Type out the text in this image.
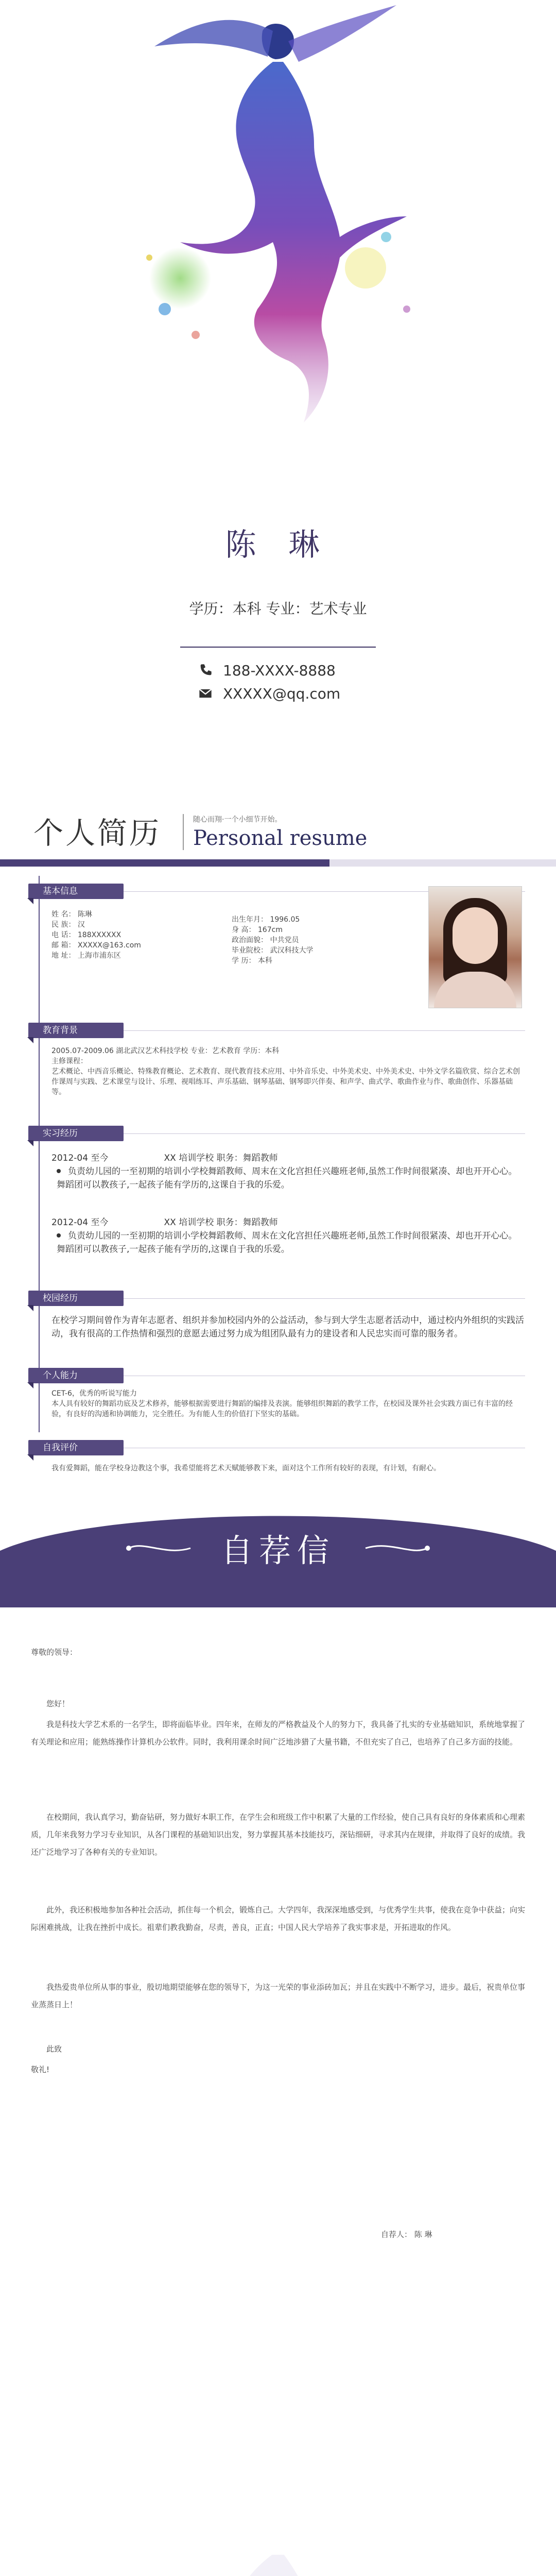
陈 琳
学历：本科 专业：艺术专业
188-XXXX-8888
XXXXX@qq.com
个人简历	随心而翔·一个小细节开始。
Personal resume
基本信息
姓 名： 陈琳
民 族： 汉
电 话： 188XXXXXX
邮 箱： XXXXX@163.com
地 址： 上海市浦东区
出生年月： 1996.05
身 高： 167cm
政治面貌： 中共党员
毕业院校： 武汉科技大学
学 历： 本科
教育背景
2005.07-2009.06 湖北武汉艺术科技学校 专业：艺术教育 学历：本科
主修课程：
艺术概论、中西音乐概论、特殊教育概论、艺术教育、现代教育技术应用、中外音乐史、中外美术史、中外美术史、中外文学名篇欣赏、综合艺术创作课周与实践、艺术课堂与设计、乐理、视唱练耳、声乐基础、钢琴基础、钢琴即兴伴奏、和声学、曲式学、歌曲作业与作、歌曲创作、乐器基础等。
实习经历
2012-04 至今                    XX 培训学校 职务：舞蹈教师
负责幼儿园的一至初期的培训小学校舞蹈教师、周末在文化宫担任兴趣班老师,虽然工作时间很紧凑、却也开开心心。舞蹈团可以教孩子,一起孩子能有学历的,这课自于我的乐爱。
2012-04 至今                    XX 培训学校 职务：舞蹈教师
负责幼儿园的一至初期的培训小学校舞蹈教师、周末在文化宫担任兴趣班老师,虽然工作时间很紧凑、却也开开心心。舞蹈团可以教孩子,一起孩子能有学历的,这课自于我的乐爱。
校园经历
在校学习期间曾作为青年志愿者、组织并参加校园内外的公益活动，参与到大学生志愿者活动中，通过校内外组织的实践活动，我有很高的工作热情和强烈的意愿去通过努力成为组团队最有力的建设者和人民忠实而可靠的服务者。
个人能力
CET-6，优秀的听说写能力
本人具有较好的舞蹈功底及艺术修养，能够根据需要进行舞蹈的编排及表演。能够组织舞蹈的教学工作，在校园及课外社会实践方面已有丰富的经验，有良好的沟通和协调能力，完全胜任。为有能人生的价值打下坚实的基础。
自我评价
我有爱舞蹈，能在学校身边教这个事，我希望能将艺术天赋能够教下来，面对这个工作所有较好的表现，有计划，有耐心。
自荐信
尊敬的领导：
您好！
我是科技大学艺术系的一名学生，即将面临毕业。四年来，在师友的严格教益及个人的努力下，我具备了扎实的专业基础知识，系统地掌握了有关理论和应用；能熟练操作计算机办公软件。同时，我利用课余时间广泛地涉猎了大量书籍，不但充实了自己，也培养了自己多方面的技能。
在校期间，我认真学习，勤奋钻研，努力做好本职工作，在学生会和班级工作中积累了大量的工作经验，使自己具有良好的身体素质和心理素质，几年来我努力学习专业知识，从各门课程的基础知识出发，努力掌握其基本技能技巧，深钻细研，寻求其内在规律，并取得了良好的成绩。我还广泛地学习了各种有关的专业知识。
此外，我还积极地参加各种社会活动，抓住每一个机会，锻炼自己。大学四年，我深深地感受到，与优秀学生共事，使我在竞争中获益；向实际困难挑战，让我在挫折中成长。祖辈们教我勤奋，尽责，善良，正直；中国人民大学培养了我实事求是，开拓进取的作风。
我热爱贵单位所从事的事业，殷切地期望能够在您的领导下，为这一光荣的事业添砖加瓦；并且在实践中不断学习，进步。最后，祝贵单位事业蒸蒸日上！
此致
敬礼!
自荐人： 陈 琳
